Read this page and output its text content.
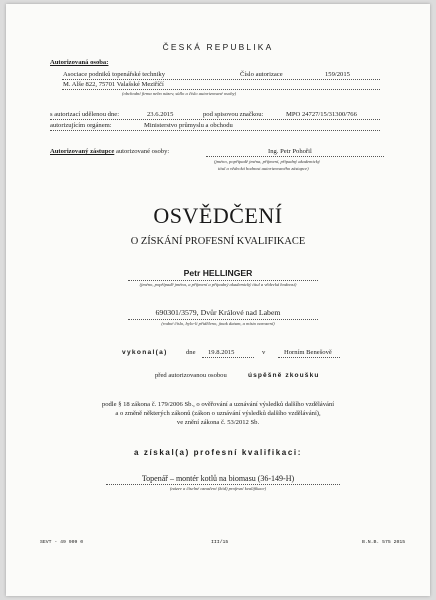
ČESKÁ REPUBLIKA
Autorizovaná osoba:
Asociace podniků topenářské techniky	Číslo autorizace	159/2015
M. Alše 822, 75701 Valašské Meziříčí
(obchodní firma nebo název, sídlo a číslo autorizované osoby)
s autorizací udělenou dne:	23.6.2015	pod spisovou značkou:	MPO 24727/15/31300/766
autorizujícím orgánem:	Ministerstvo průmyslu a obchodu
Autorizovaný zástupce autorizované osoby:	Ing. Petr Pohořil
(jméno, popřípadě jména, příjmení, případný akademický
titul a vědecká hodnost autorizovaného zástupce)
OSVĚDČENÍ
O ZÍSKÁNÍ PROFESNÍ KVALIFIKACE
Petr HELLINGER
(jméno, popřípadě jména, a příjmení a případný akademický titul a vědecká hodnost)
690301/3579, Dvůr Králové nad Labem
(rodné číslo, bylo-li přiděleno, jinak datum, a místo narození)
vykonal(a)	dne 19.8.2015	v	Horním Benešově
před autorizovanou osobou	úspěšně zkoušku
podle § 18 zákona č. 179/2006 Sb., o ověřování a uznávání výsledků dalšího vzdělávání
a o změně některých zákonů (zákon o uznávání výsledků dalšího vzdělávání),
ve znění zákona č. 53/2012 Sb.
a získal(a) profesní kvalifikaci:
Topenář – montér kotlů na biomasu (36-149-H)
(název a číselné označení (kód) profesní kvalifikace)
SEVT - 49 909 0	III/15	B.N.B. 575 2015
